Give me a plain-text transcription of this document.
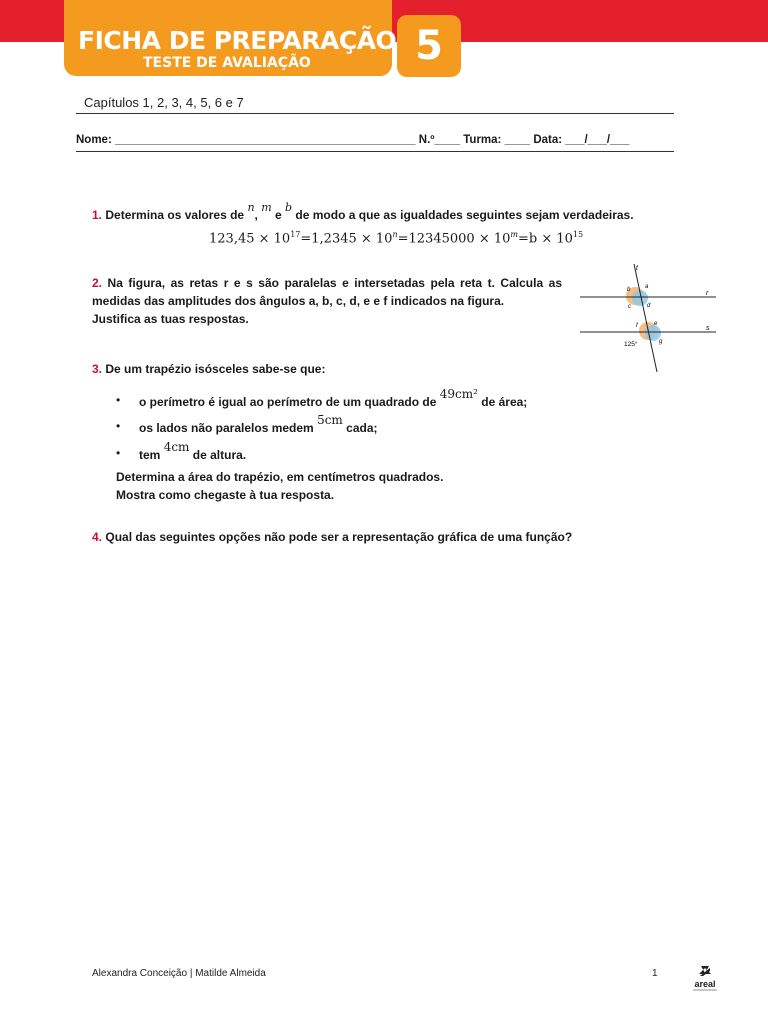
FICHA DE PREPARAÇÃO
TESTE DE AVALIAÇÃO	5
Capítulos 1, 2, 3, 4, 5, 6 e 7
Nome: _______________________________________________ N.º____ Turma: ____ Data: ___/___/___
1. Determina os valores de n, m e b de modo a que as igualdades seguintes sejam verdadeiras.
$123,45 \times 10^{17}=1,2345 \times 10^n=12345000 \times 10^m=b \times 10^{15}$
2. Na figura, as retas r e s são paralelas e intersetadas pela reta t. Calcula as
medidas das amplitudes dos ângulos a, b, c, d, e e f indicados na figura.
Justifica as tuas respostas.
t
r
s
b a
c	d
f	e
g
125°
3. De um trapézio isósceles sabe-se que:
• o perímetro é igual ao perímetro de um quadrado de 49cm² de área;
• os lados não paralelos medem 5cm cada;
• tem 4cm de altura.
Determina a área do trapézio, em centímetros quadrados.
Mostra como chegaste à tua resposta.
4. Qual das seguintes opções não pode ser a representação gráfica de uma função?
Alexandra Conceição | Matilde Almeida	1
areal
